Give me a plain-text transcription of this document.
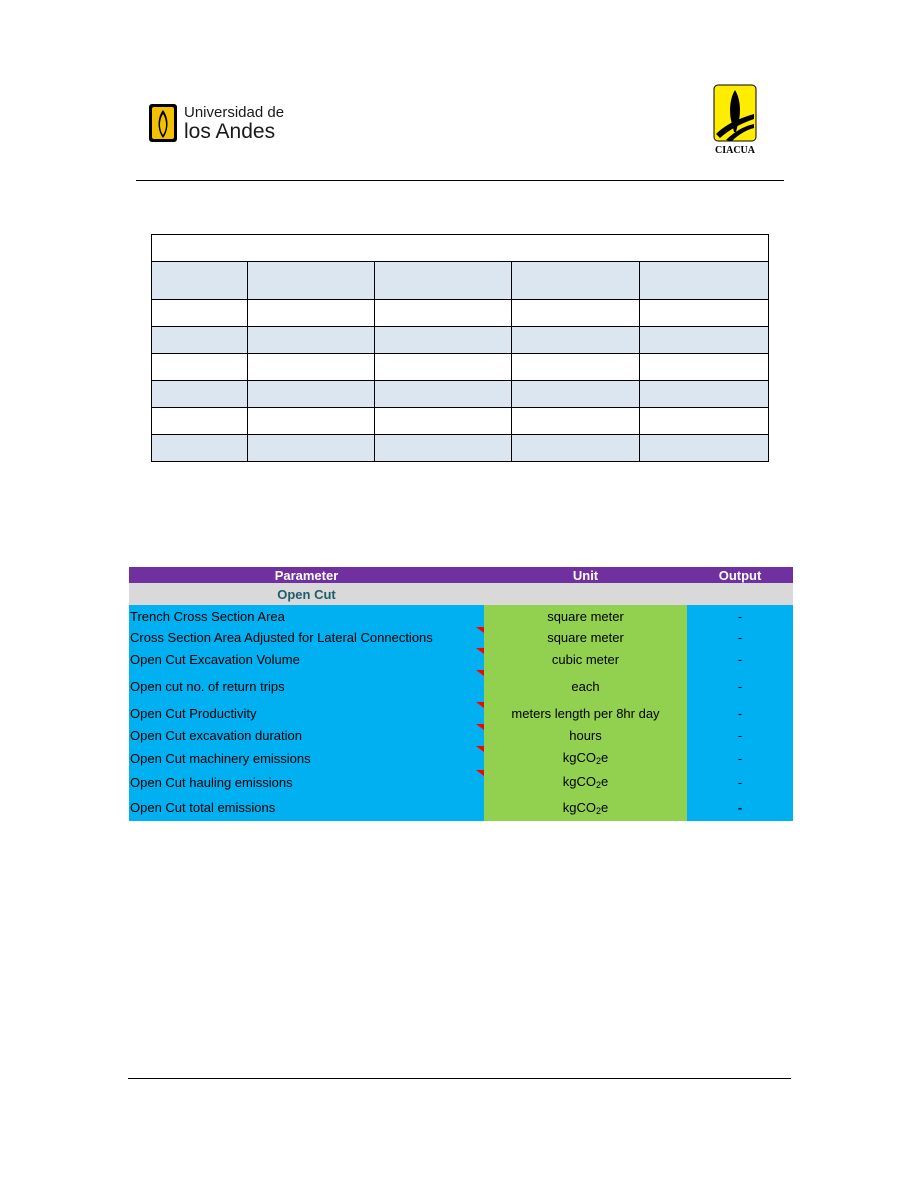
Universidad de
los Andes
CIACUA

Parameter	Unit	Output
Open Cut
Trench Cross Section Area	square meter	-
Cross Section Area Adjusted for Lateral Connections	square meter	-
Open Cut Excavation Volume	cubic meter	-
Open cut no. of return trips	each	-
Open Cut Productivity	meters length per 8hr day	-
Open Cut excavation duration	hours	-
Open Cut machinery emissions	kgCO$_2$e	-
Open Cut hauling emissions	kgCO$_2$e	-
Open Cut total emissions	kgCO$_2$e	-
